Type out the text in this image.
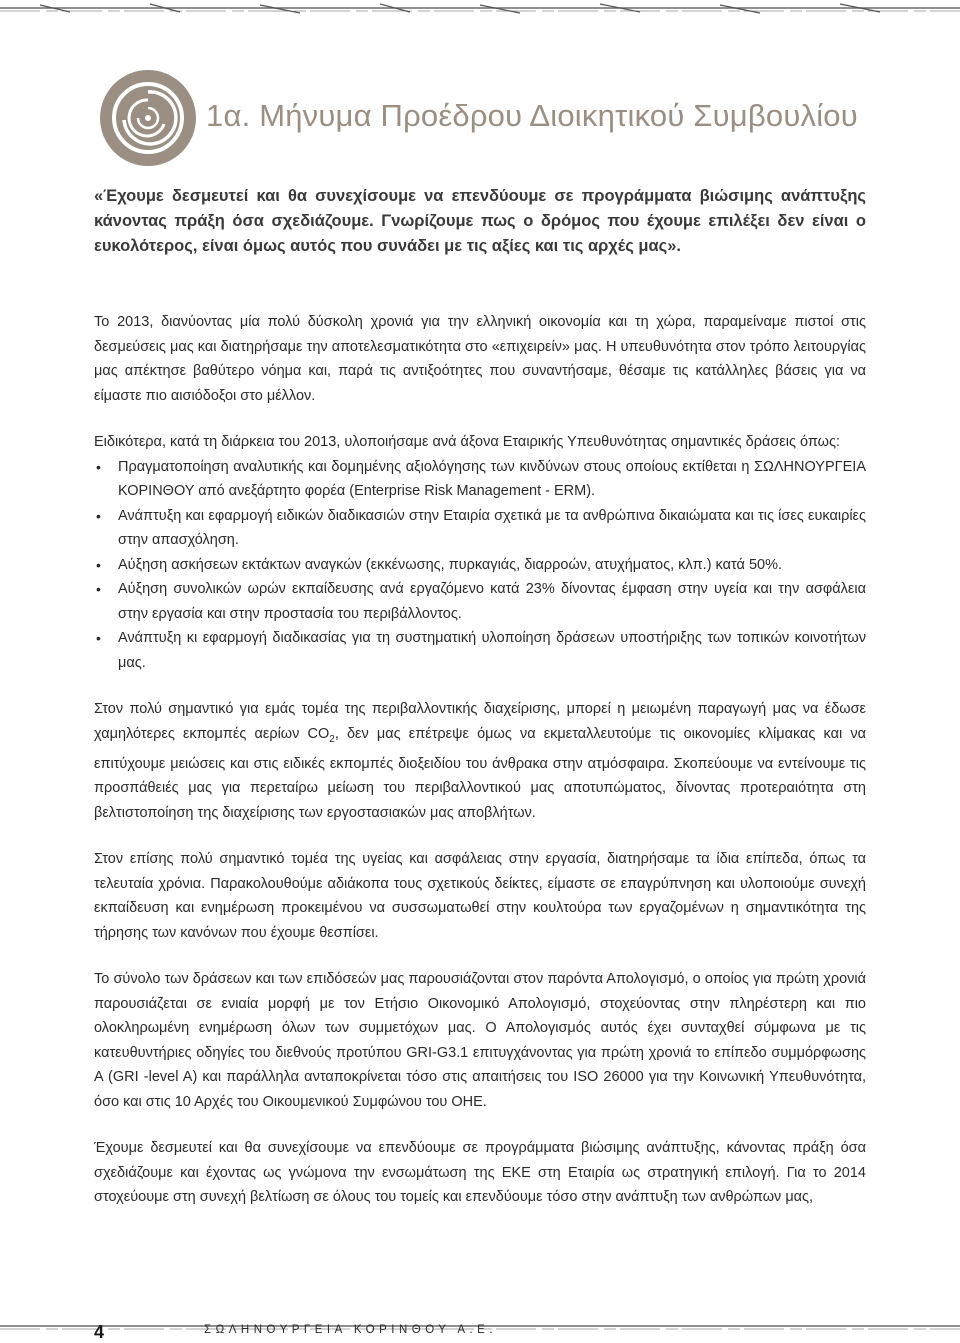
1α. Μήνυμα Προέδρου Διοικητικού Συμβουλίου

«Έχουμε δεσμευτεί και θα συνεχίσουμε να επενδύουμε σε προγράμματα βιώσιμης ανάπτυξης κάνοντας πράξη όσα σχεδιάζουμε. Γνωρίζουμε πως ο δρόμος που έχουμε επιλέξει δεν είναι ο ευκολότερος, είναι όμως αυτός που συνάδει με τις αξίες και τις αρχές μας».

Το 2013, διανύοντας μία πολύ δύσκολη χρονιά για την ελληνική οικονομία και τη χώρα, παραμείναμε πιστοί στις δεσμεύσεις μας και διατηρήσαμε την αποτελεσματικότητα στο «επιχειρείν» μας. Η υπευθυνότητα στον τρόπο λειτουργίας μας απέκτησε βαθύτερο νόημα και, παρά τις αντιξοότητες που συναντήσαμε, θέσαμε τις κατάλληλες βάσεις για να είμαστε πιο αισιόδοξοι στο μέλλον.

Ειδικότερα, κατά τη διάρκεια του 2013, υλοποιήσαμε ανά άξονα Εταιρικής Υπευθυνότητας σημαντικές δράσεις όπως:

• Πραγματοποίηση αναλυτικής και δομημένης αξιολόγησης των κινδύνων στους οποίους εκτίθεται η ΣΩΛΗΝΟΥΡΓΕΙΑ ΚΟΡΙΝΘΟΥ από ανεξάρτητο φορέα (Enterprise Risk Management - ERM).
• Ανάπτυξη και εφαρμογή ειδικών διαδικασιών στην Εταιρία σχετικά με τα ανθρώπινα δικαιώματα και τις ίσες ευκαιρίες στην απασχόληση.
• Αύξηση ασκήσεων εκτάκτων αναγκών (εκκένωσης, πυρκαγιάς, διαρροών, ατυχήματος, κλπ.) κατά 50%.
• Αύξηση συνολικών ωρών εκπαίδευσης ανά εργαζόμενο κατά 23% δίνοντας έμφαση στην υγεία και την ασφάλεια στην εργασία και στην προστασία του περιβάλλοντος.
• Ανάπτυξη κι εφαρμογή διαδικασίας για τη συστηματική υλοποίηση δράσεων υποστήριξης των τοπικών κοινοτήτων μας.

Στον πολύ σημαντικό για εμάς τομέα της περιβαλλοντικής διαχείρισης, μπορεί η μειωμένη παραγωγή μας να έδωσε χαμηλότερες εκπομπές αερίων $CO_2$, δεν μας επέτρεψε όμως να εκμεταλλευτούμε τις οικονομίες κλίμακας και να επιτύχουμε μειώσεις και στις ειδικές εκπομπές διοξειδίου του άνθρακα στην ατμόσφαιρα. Σκοπεύουμε να εντείνουμε τις προσπάθειές μας για περεταίρω μείωση του περιβαλλοντικού μας αποτυπώματος, δίνοντας προτεραιότητα στη βελτιστοποίηση της διαχείρισης των εργοστασιακών μας αποβλήτων.

Στον επίσης πολύ σημαντικό τομέα της υγείας και ασφάλειας στην εργασία, διατηρήσαμε τα ίδια επίπεδα, όπως τα τελευταία χρόνια. Παρακολουθούμε αδιάκοπα τους σχετικούς δείκτες, είμαστε σε επαγρύπνηση και υλοποιούμε συνεχή εκπαίδευση και ενημέρωση προκειμένου να συσσωματωθεί στην κουλτούρα των εργαζομένων η σημαντικότητα της τήρησης των κανόνων που έχουμε θεσπίσει.

Το σύνολο των δράσεων και των επιδόσεών μας παρουσιάζονται στον παρόντα Απολογισμό, ο οποίος για πρώτη χρονιά παρουσιάζεται σε ενιαία μορφή με τον Ετήσιο Οικονομικό Απολογισμό, στοχεύοντας στην πληρέστερη και πιο ολοκληρωμένη ενημέρωση όλων των συμμετόχων μας. Ο Απολογισμός αυτός έχει συνταχθεί σύμφωνα με τις κατευθυντήριες οδηγίες του διεθνούς προτύπου GRI-G3.1 επιτυγχάνοντας για πρώτη χρονιά το επίπεδο συμμόρφωσης Α (GRI -level A) και παράλληλα ανταποκρίνεται τόσο στις απαιτήσεις του ISO 26000 για την Κοινωνική Υπευθυνότητα, όσο και στις 10 Αρχές του Οικουμενικού Συμφώνου του ΟΗΕ.

Έχουμε δεσμευτεί και θα συνεχίσουμε να επενδύουμε σε προγράμματα βιώσιμης ανάπτυξης, κάνοντας πράξη όσα σχεδιάζουμε και έχοντας ως γνώμονα την ενσωμάτωση της ΕΚΕ στη Εταιρία ως στρατηγική επιλογή. Για το 2014 στοχεύουμε στη συνεχή βελτίωση σε όλους του τομείς και επενδύουμε τόσο στην ανάπτυξη των ανθρώπων μας,

4	ΣΩΛΗΝΟΥΡΓΕΙΑ ΚΟΡΙΝΘΟΥ Α.Ε.
